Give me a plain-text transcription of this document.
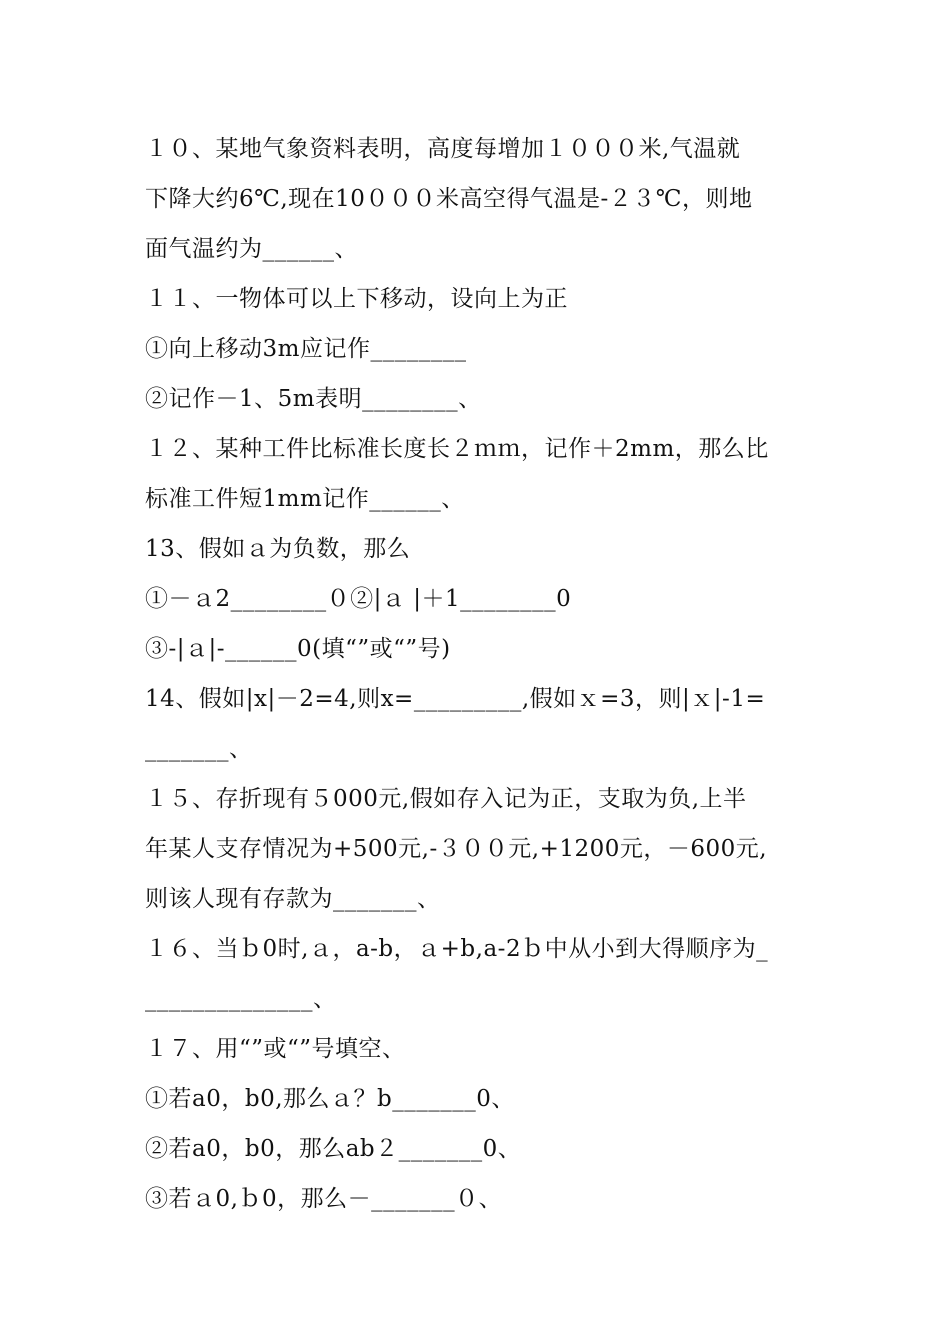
１０、某地气象资料表明，高度每增加１０００米,气温就
下降大约6℃,现在10０００米高空得气温是-２３℃，则地
面气温约为______、
１１、一物体可以上下移动，设向上为正
①向上移动3m应记作________
②记作－1、5m表明________、
１２、某种工件比标准长度长２ｍｍ，记作＋2mm，那么比
标准工件短1mm记作______、
13、假如ａ为负数，那么
①－ａ2________０②|ａ |＋1________0
③-|ａ|-______0(填“”或“”号)
14、假如|x|－2=4,则x=_________,假如ｘ=3，则|ｘ|-1=
_______、
１５、存折现有５000元,假如存入记为正，支取为负,上半
年某人支存情况为+500元,-３００元,+1200元，－600元,
则该人现有存款为_______、
１６、当ｂ0时,ａ，a-b，ａ+b,a-2ｂ中从小到大得顺序为_
______________、
１７、用“”或“”号填空、
①若a0，b0,那么ａ？b_______0、
②若a0，b0，那么ab２_______0、
③若ａ0,ｂ0，那么－_______０、
